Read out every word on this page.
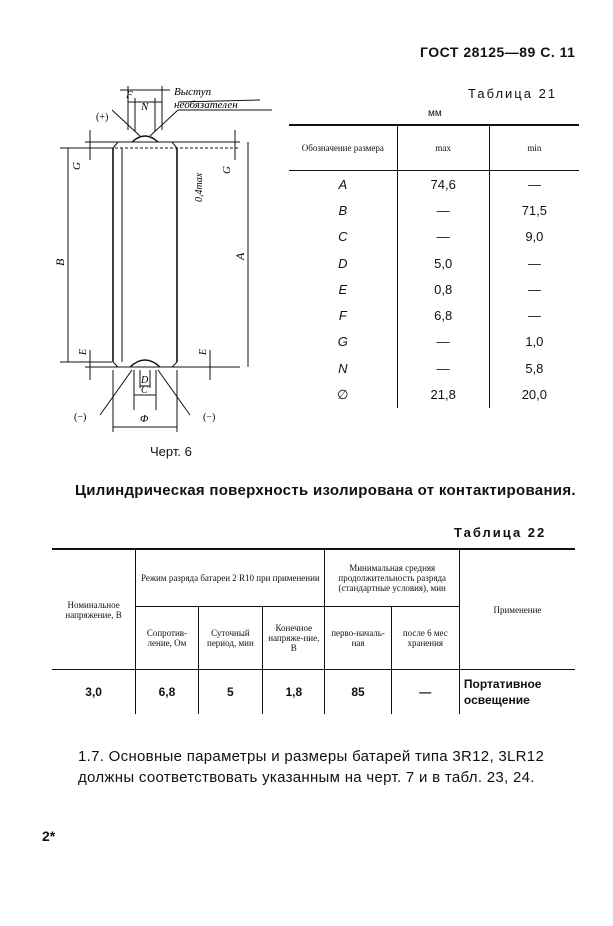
ГОСТ 28125—89 С. 11
F
N
Выступ
необязателен
(+)
G
G
0,4max
B
A
E	E
D
C
Φ
(−)	(−)
Таблица 21
мм
Обозначение размера	max	min
A	74,6	—
B	—	71,5
C	—	9,0
D	5,0	—
E	0,8	—
F	6,8	—
G	—	1,0
N	—	5,8
∅	21,8	20,0
Черт. 6
Цилиндрическая поверхность изолирована от контактирования.
Таблица 22
Номинальное напряжение, В	Режим разряда батареи 2 R10 при применении			Минимальная средняя продолжительность разряда (стандартные условия), мин		Применение
	Сопротив-ление, Ом	Суточный период, мин	Конечное напряже-ние, В	перво-началь-ная	после 6 мес хранения	
3,0	6,8	5	1,8	85	—	Портативное освещение
1.7. Основные параметры и размеры батарей типа 3R12, 3LR12 должны соответствовать указанным на черт. 7 и в табл. 23, 24.
2*
